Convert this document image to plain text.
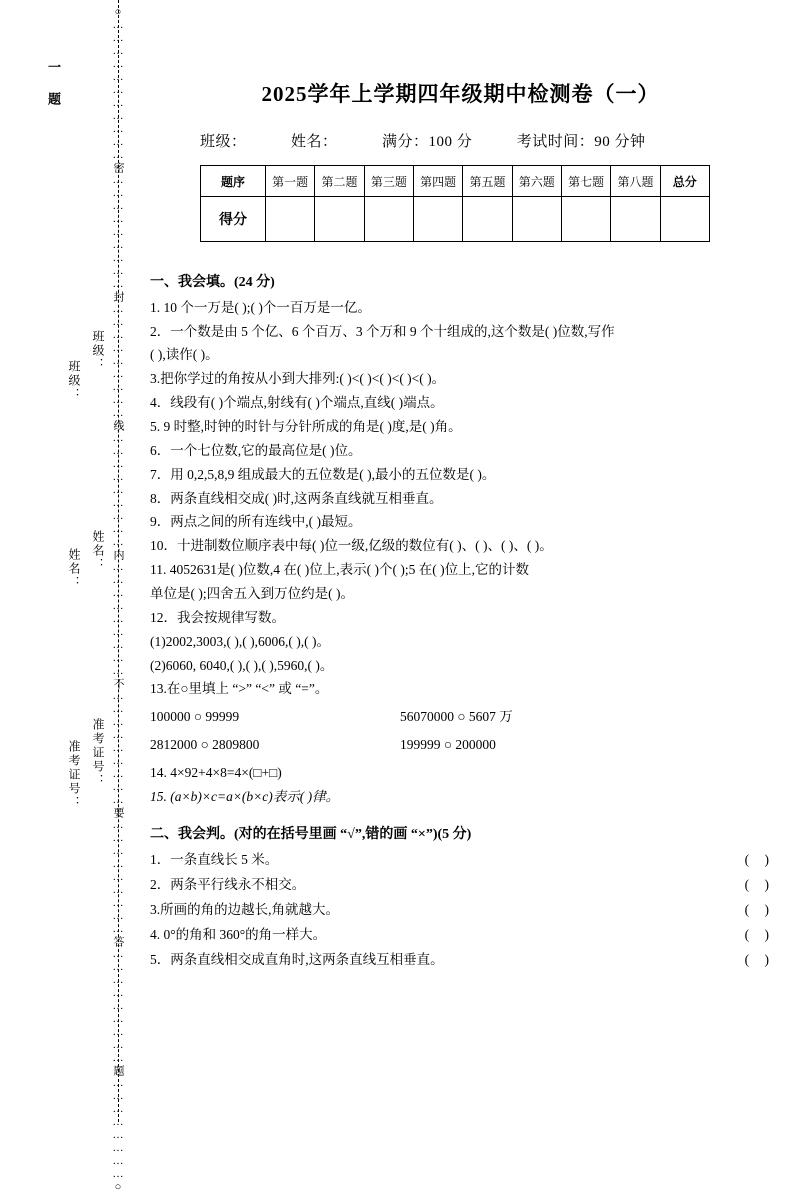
○……………………………密………………………封………………………线………………………内………………………不………………………要………………………答………………………题……………………○
一 题
班级：
姓名：
准考证号：
班级：
姓名：
准考证号：
2025学年上学期四年级期中检测卷（一）
班级：	姓名：	满分：100 分	考试时间：90 分钟
题序	第一题	第二题	第三题	第四题	第五题	第六题	第七题	第八题	总分
得分									

一、我会填。(24 分)

1. 10 个一万是( );( )个一百万是一亿。

2．一个数是由 5 个亿、6 个百万、3 个万和 9 个十组成的,这个数是( )位数,写作

( ),读作( )。

3.把你学过的角按从小到大排列:( )<( )<( )<( )<( )。

4．线段有( )个端点,射线有( )个端点,直线( )端点。

5. 9 时整,时钟的时针与分针所成的角是( )度,是( )角。

6．一个七位数,它的最高位是( )位。

7．用 0,2,5,8,9 组成最大的五位数是( ),最小的五位数是( )。

8．两条直线相交成( )时,这两条直线就互相垂直。

9．两点之间的所有连线中,( )最短。

10．十进制数位顺序表中每( )位一级,亿级的数位有( )、( )、( )、( )。

11. 4052631是( )位数,4 在( )位上,表示( )个( );5 在( )位上,它的计数

单位是( );四舍五入到万位约是( )。

12．我会按规律写数。

(1)2002,3003,( ),( ),6006,( ),( )。

(2)6060, 6040,( ),( ),( ),5960,( )。

13.在○里填上 “>” “<” 或 “=”。

100000 ○ 99999	56070000 ○ 5607 万
2812000 ○ 2809800	199999 ○ 200000

14. 4×92+4×8=4×(□+□)

15. (a×b)×c=a×(b×c)表示( )律。

二、我会判。(对的在括号里画 “√”,错的画 “×”)(5 分)

1．一条直线长 5 米。	( )
2．两条平行线永不相交。	( )
3.所画的角的边越长,角就越大。	( )
4. 0°的角和 360°的角一样大。	( )
5．两条直线相交成直角时,这两条直线互相垂直。	( )
